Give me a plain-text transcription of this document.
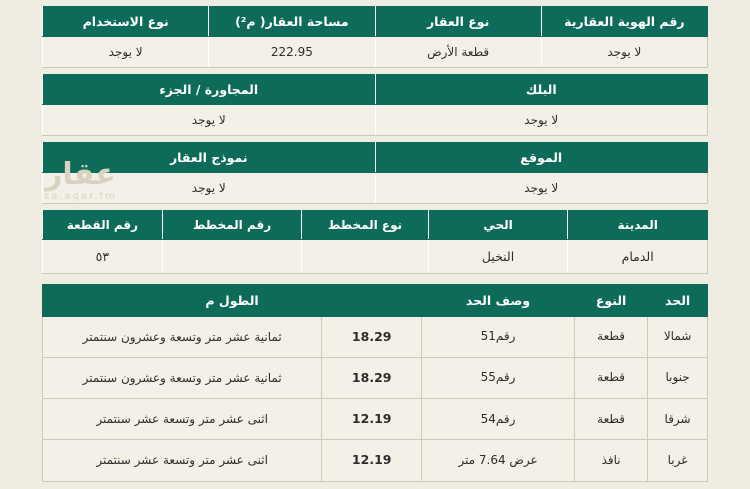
عقار
sa.aqar.fm
رقم الهوية العقارية	نوع العقار	مساحة العقار( م²)	نوع الاستخدام
لا يوجد	قطعة الأرض	222.95	لا يوجد
البلك	المجاورة / الجزء
لا يوجد	لا يوجد
الموقع	نموذج العقار
لا يوجد	لا يوجد
المدينة	الحي	نوع المخطط	رقم المخطط	رقم القطعة
الدمام	النخيل			٥٣
الحد	النوع	وصف الحد	الطول م	
شمالا	قطعة	رقم51	18.29	ثمانية عشر متر وتسعة وعشرون سنتمتر
جنوبا	قطعة	رقم55	18.29	ثمانية عشر متر وتسعة وعشرون سنتمتر
شرقا	قطعة	رقم54	12.19	اثنى عشر متر وتسعة عشر سنتمتر
غربا	نافذ	عرض 7.64 متر	12.19	اثنى عشر متر وتسعة عشر سنتمتر
